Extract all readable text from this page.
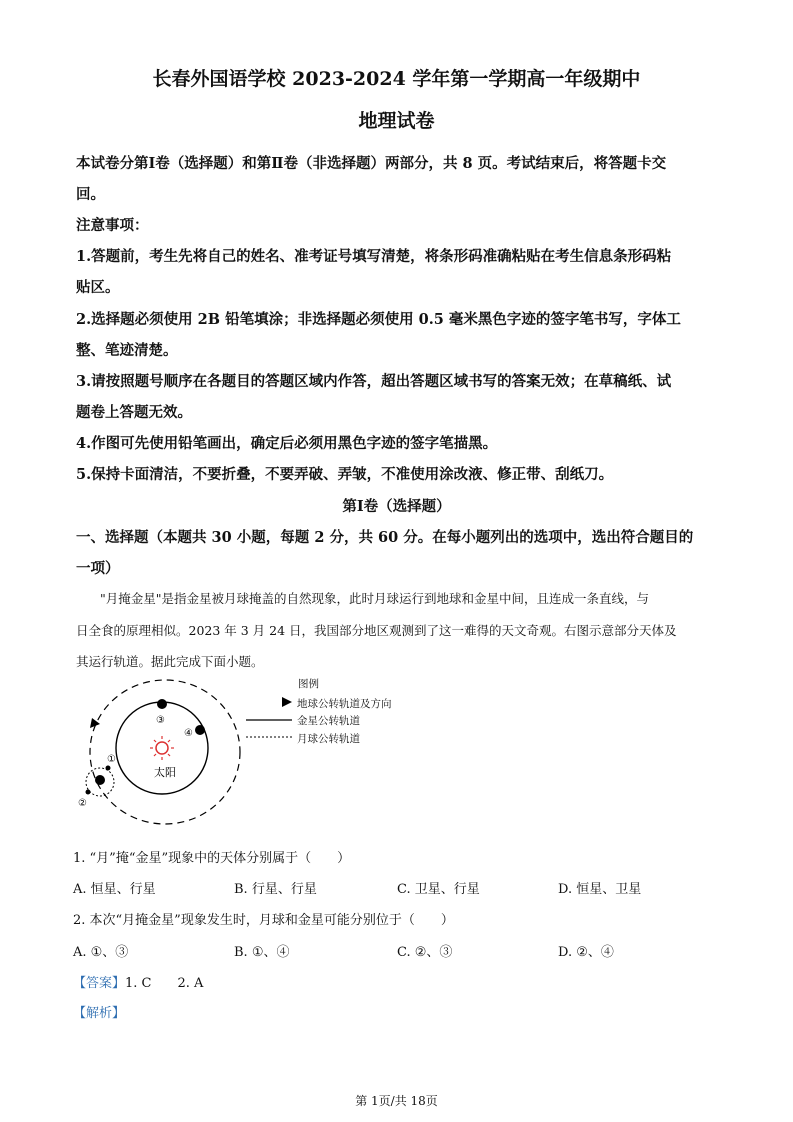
长春外国语学校 2023-2024 学年第一学期高一年级期中
地理试卷
本试卷分第Ⅰ卷（选择题）和第Ⅱ卷（非选择题）两部分，共 8 页。考试结束后，将答题卡交
回。
注意事项：
1.答题前，考生先将自己的姓名、准考证号填写清楚，将条形码准确粘贴在考生信息条形码粘
贴区。
2.选择题必须使用 2B 铅笔填涂；非选择题必须使用 0.5 毫米黑色字迹的签字笔书写，字体工
整、笔迹清楚。
3.请按照题号顺序在各题目的答题区域内作答，超出答题区域书写的答案无效；在草稿纸、试
题卷上答题无效。
4.作图可先使用铅笔画出，确定后必须用黑色字迹的签字笔描黑。
5.保持卡面清洁，不要折叠，不要弄破、弄皱，不准使用涂改液、修正带、刮纸刀。
第Ⅰ卷（选择题）
一、选择题（本题共 30 小题，每题 2 分，共 60 分。在每小题列出的选项中，选出符合题目的
一项）
"月掩金星"是指金星被月球掩盖的自然现象，此时月球运行到地球和金星中间，且连成一条直线，与
日全食的原理相似。2023 年 3 月 24 日，我国部分地区观测到了这一难得的天文奇观。右图示意部分天体及
其运行轨道。据此完成下面小题。
太阳
③
④
①
②
图例
地球公转轨道及方向
金星公转轨道
月球公转轨道
1. “月”掩“金星”现象中的天体分别属于（　　）
A. 恒星、行星	B. 行星、行星	C. 卫星、行星	D. 恒星、卫星
2. 本次“月掩金星”现象发生时，月球和金星可能分别位于（　　）
A. ①、③	B. ①、④	C. ②、③	D. ②、④
【答案】1. C 2. A
【解析】
第 1页/共 18页
